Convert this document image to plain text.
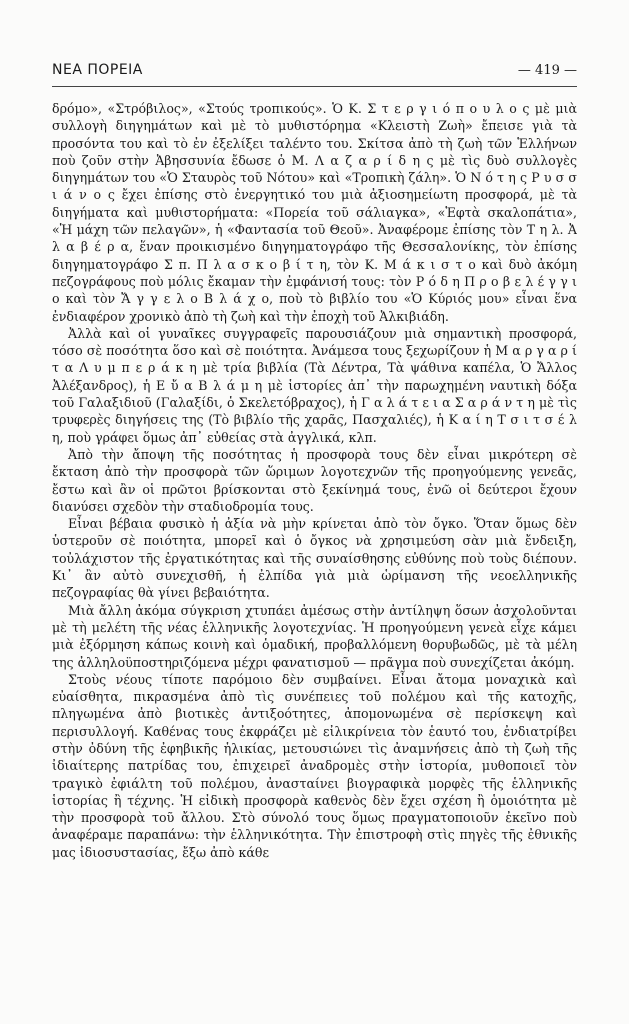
ΝΕΑ ΠΟΡΕΙΑ	— 419 —

δρόμο», «Στρόβιλος», «Στούς τροπικούς». Ὁ Κ. Σ τ ε ρ γ ι ό π ο υ λ ο ς μὲ μιὰ συλλογὴ διηγημάτων καὶ μὲ τὸ μυθιστόρημα «Κλειστὴ Ζωὴ» ἔπεισε γιὰ τὰ προσόντα του καὶ τὸ ἐν ἐξελίξει ταλέντο του. Σκίτσα ἀπὸ τὴ ζωὴ τῶν Ἑλλήνων ποὺ ζοῦν στὴν Ἀβησσυνία ἔδωσε ὁ Μ. Λ α ζ α ρ ί δ η ς μὲ τὶς δυὸ συλλογὲς διηγημάτων του «Ὁ Σταυρὸς τοῦ Νότου» καὶ «Τροπικὴ ζάλη». Ὁ Ν ό τ η ς Ρ υ σ σ ι ά ν ο ς ἔχει ἐπίσης στὸ ἐνεργητικό του μιὰ ἀξιοσημείωτη προσφορά, μὲ τὰ διηγήματα καὶ μυθιστορήματα: «Πορεία τοῦ σάλιαγκα», «Ἑφτὰ σκαλοπάτια», «Ἡ μάχη τῶν πελαγῶν», ἡ «Φαντασία τοῦ Θεοῦ». Ἀναφέρομε ἐπίσης τὸν Τ η λ. Ἀ λ α β έ ρ α, ἕναν προικισμένο διηγηματογράφο τῆς Θεσσαλονίκης, τὸν ἐπίσης διηγηματογράφο Σ π. Π λ α σ κ ο β ί τ η, τὸν Κ. Μ ά κ ι σ τ ο καὶ δυὸ ἀκόμη πεζογράφους ποὺ μόλις ἔκαμαν τὴν ἐμφάνισή τους: τὸν Ρ ό δ η Π ρ ο β ε λ έ γ γ ι ο καὶ τὸν Ἄ γ γ ε λ ο Β λ ά χ ο, ποὺ τὸ βιβλίο του «Ὁ Κύριός μου» εἶναι ἕνα ἐνδιαφέρον χρονικὸ ἀπὸ τὴ ζωὴ καὶ τὴν ἐποχὴ τοῦ Ἀλκιβιάδη.

Ἀλλὰ καὶ οἱ γυναῖκες συγγραφεῖς παρουσιάζουν μιὰ σημαντικὴ προσφορά, τόσο σὲ ποσότητα ὅσο καὶ σὲ ποιότητα. Ἀνάμεσα τους ξεχωρίζουν ἡ Μ α ρ γ α ρ ί τ α Λ υ μ π ε ρ ά κ η μὲ τρία βιβλία (Τὰ Δέντρα, Τὰ ψάθινα καπέλα, Ὁ Ἄλλος Ἀλέξανδρος), ἡ Ε ὔ α Β λ ά μ η μὲ ἱστορίες ἀπ᾽ τὴν παρωχημένη ναυτικὴ δόξα τοῦ Γαλαξιδιοῦ (Γαλαξίδι, ὁ Σκελετόβραχος), ἡ Γ α λ ά τ ε ι α Σ α ρ ά ν τ η μὲ τὶς τρυφερὲς διηγήσεις της (Τὸ βιβλίο τῆς χαρᾶς, Πασχαλιές), ἡ Κ α ί η Τ σ ι τ σ έ λ η, ποὺ γράφει ὅμως ἀπ᾽ εὐθείας στὰ ἀγγλικά, κλπ.

Ἀπὸ τὴν ἄποψη τῆς ποσότητας ἡ προσφορὰ τους δὲν εἶναι μικρότερη σὲ ἔκταση ἀπὸ τὴν προσφορὰ τῶν ὥριμων λογοτεχνῶν τῆς προηγούμενης γενεᾶς, ἔστω καὶ ἂν οἱ πρῶτοι βρίσκονται στὸ ξεκίνημά τους, ἐνῶ οἱ δεύτεροι ἔχουν διανύσει σχεδὸν τὴν σταδιοδρομία τους.

Εἶναι βέβαια φυσικὸ ἡ ἀξία νὰ μὴν κρίνεται ἀπὸ τὸν ὄγκο. Ὅταν ὅμως δὲν ὑστεροῦν σὲ ποιότητα, μπορεῖ καὶ ὁ ὄγκος νὰ χρησιμεύση σὰν μιὰ ἔνδειξη, τοὐλάχιστον τῆς ἐργατικότητας καὶ τῆς συναίσθησης εὐθύνης ποὺ τοὺς διέπουν. Κι᾽ ἂν αὐτὸ συνεχισθῆ, ἡ ἐλπίδα γιὰ μιὰ ὡρίμανση τῆς νεοελληνικῆς πεζογραφίας θὰ γίνει βεβαιότητα.

Μιὰ ἄλλη ἀκόμα σύγκριση χτυπάει ἀμέσως στὴν ἀντίληψη ὅσων ἀσχολοῦνται μὲ τὴ μελέτη τῆς νέας ἑλληνικῆς λογοτεχνίας. Ἡ προηγούμενη γενεὰ εἶχε κάμει μιὰ ἐξόρμηση κάπως κοινὴ καὶ ὁμαδική, προβαλλόμενη θορυβωδῶς, μὲ τὰ μέλη της ἀλληλοϋποστηριζόμενα μέχρι φανατισμοῦ — πρᾶγμα ποὺ συνεχίζεται ἀκόμη.

Στοὺς νέους τίποτε παρόμοιο δὲν συμβαίνει. Εἶναι ἄτομα μοναχικὰ καὶ εὐαίσθητα, πικρασμένα ἀπὸ τὶς συνέπειες τοῦ πολέμου καὶ τῆς κατοχῆς, πληγωμένα ἀπὸ βιοτικὲς ἀντιξοότητες, ἀπομονωμένα σὲ περίσκεψη καὶ περισυλλογή. Καθένας τους ἐκφράζει μὲ εἰλικρίνεια τὸν ἑαυτό του, ἐνδιατρίβει στὴν ὀδύνη τῆς ἐφηβικῆς ἡλικίας, μετουσιώνει τὶς ἀναμνήσεις ἀπὸ τὴ ζωὴ τῆς ἰδιαίτερης πατρίδας του, ἐπιχειρεῖ ἀναδρομὲς στὴν ἱστορία, μυθοποιεῖ τὸν τραγικὸ ἐφιάλτη τοῦ πολέμου, ἀνασταίνει βιογραφικὰ μορφὲς τῆς ἑλληνικῆς ἱστορίας ἢ τέχνης. Ἡ εἰδικὴ προσφορὰ καθενὸς δὲν ἔχει σχέση ἢ ὁμοιότητα μὲ τὴν προσφορὰ τοῦ ἄλλου. Στὸ σύνολό τους ὅμως πραγματοποιοῦν ἐκεῖνο ποὺ ἀναφέραμε παραπάνω: τὴν ἑλληνικότητα. Τὴν ἐπιστροφὴ στὶς πηγὲς τῆς ἐθνικῆς μας ἰδιοσυστασίας, ἔξω ἀπὸ κάθε
